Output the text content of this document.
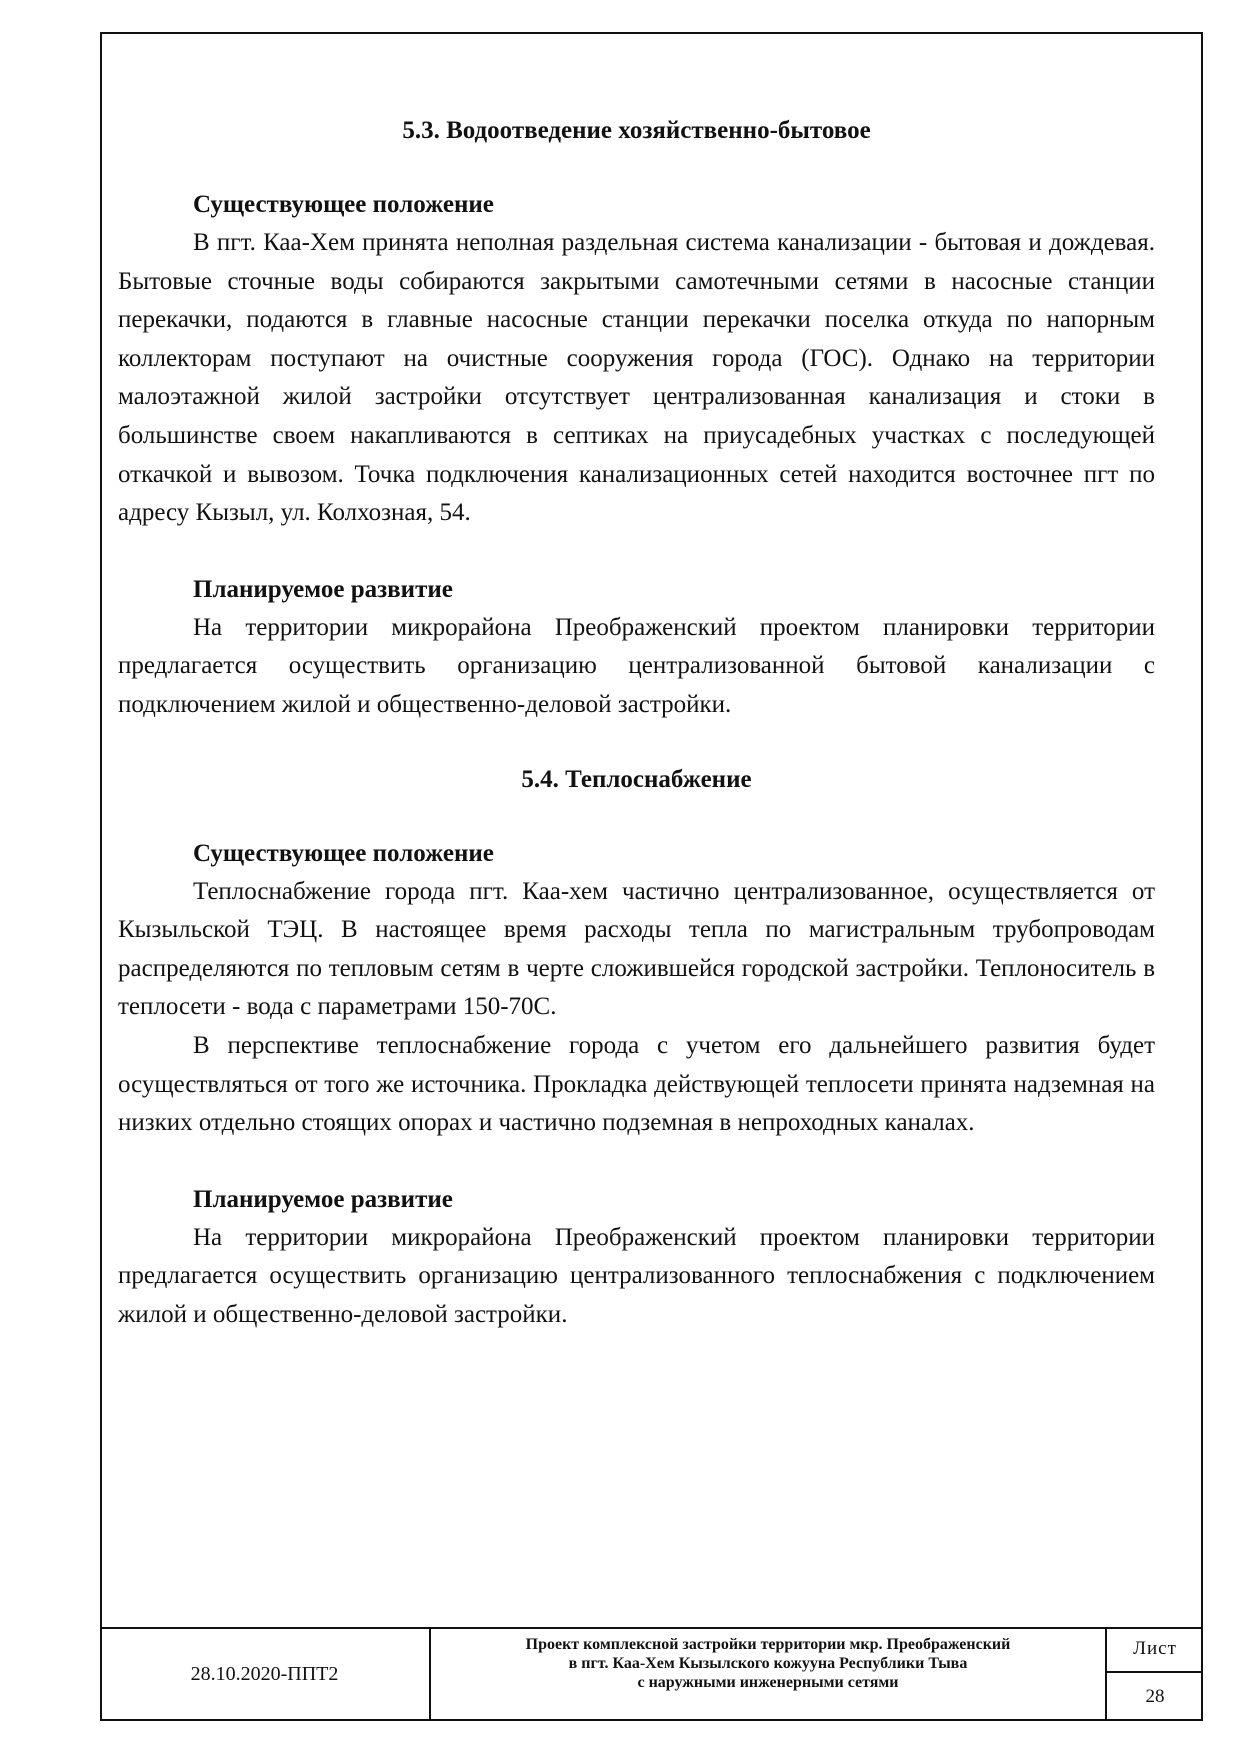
5.3. Водоотведение хозяйственно-бытовое
Существующее положение

В пгт. Каа-Хем принята неполная раздельная система канализации - бытовая и дождевая. Бытовые сточные воды собираются закрытыми самотечными сетями в насосные станции перекачки, подаются в главные насосные станции перекачки поселка откуда по напорным коллекторам поступают на очистные сооружения города (ГОС). Однако на территории малоэтажной жилой застройки отсутствует централизованная канализация и стоки в большинстве своем накапливаются в септиках на приусадебных участках с последующей откачкой и вывозом. Точка подключения канализационных сетей находится восточнее пгт по адресу Кызыл, ул. Колхозная, 54.

Планируемое развитие

На территории микрорайона Преображенский проектом планировки территории предлагается осуществить организацию централизованной бытовой канализации с подключением жилой и общественно-деловой застройки.

5.4. Теплоснабжение
Существующее положение

Теплоснабжение города пгт. Каа-хем частично централизованное, осуществляется от Кызыльской ТЭЦ. В настоящее время расходы тепла по магистральным трубопроводам распределяются по тепловым сетям в черте сложившейся городской застройки. Теплоноситель в теплосети - вода с параметрами 150-70С.

В перспективе теплоснабжение города с учетом его дальнейшего развития будет осуществляться от того же источника. Прокладка действующей теплосети принята надземная на низких отдельно стоящих опорах и частично подземная в непроходных каналах.

Планируемое развитие

На территории микрорайона Преображенский проектом планировки территории предлагается осуществить организацию централизованного теплоснабжения с подключением жилой и общественно-деловой застройки.

28.10.2020-ППТ2
Проект комплексной застройки территории мкр. Преображенский
в пгт. Каа-Хем Кызылского кожууна Республики Тыва
с наружными инженерными сетями
Лист
28
